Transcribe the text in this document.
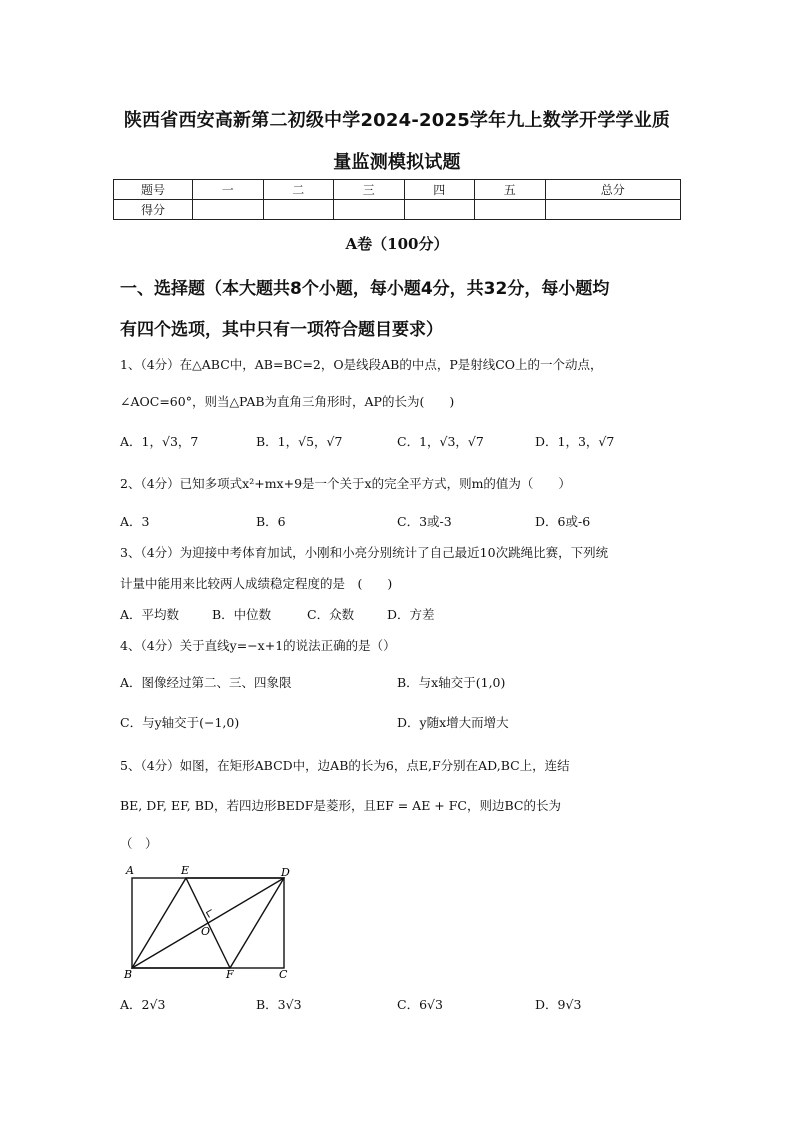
陕西省西安高新第二初级中学2024-2025学年九上数学开学学业质
量监测模拟试题
题号	一	二	三	四	五	总分
得分						
A卷（100分）
一、选择题（本大题共8个小题，每小题4分，共32分，每小题均
有四个选项，其中只有一项符合题目要求）
1、（4分）在△ABC中，AB=BC=2，O是线段AB的中点，P是射线CO上的一个动点，
∠AOC=60°，则当△PAB为直角三角形时，AP的长为(　　)
A．1，√3，7	B．1，√5，√7	C．1，√3，√7	D．1，3，√7
2、（4分）已知多项式x²+mx+9是一个关于x的完全平方式，则m的值为（　　）
A．3	B．6	C．3或-3	D．6或-6
3、（4分）为迎接中考体育加试，小刚和小亮分别统计了自己最近10次跳绳比赛，下列统
计量中能用来比较两人成绩稳定程度的是　(　　)
A．平均数	B．中位数	C．众数	D．方差
4、（4分）关于直线y=−x+1的说法正确的是（）
A．图像经过第二、三、四象限	B．与x轴交于(1,0)
C．与y轴交于(−1,0)	D．y随x增大而增大
5、（4分）如图，在矩形ABCD中，边AB的长为6，点E,F分别在AD,BC上，连结
BE, DF, EF, BD，若四边形BEDF是菱形，且EF = AE + FC，则边BC的长为
（　）
A	E	D
O
B	F	C
A．2√3	B．3√3	C．6√3	D．9√3
